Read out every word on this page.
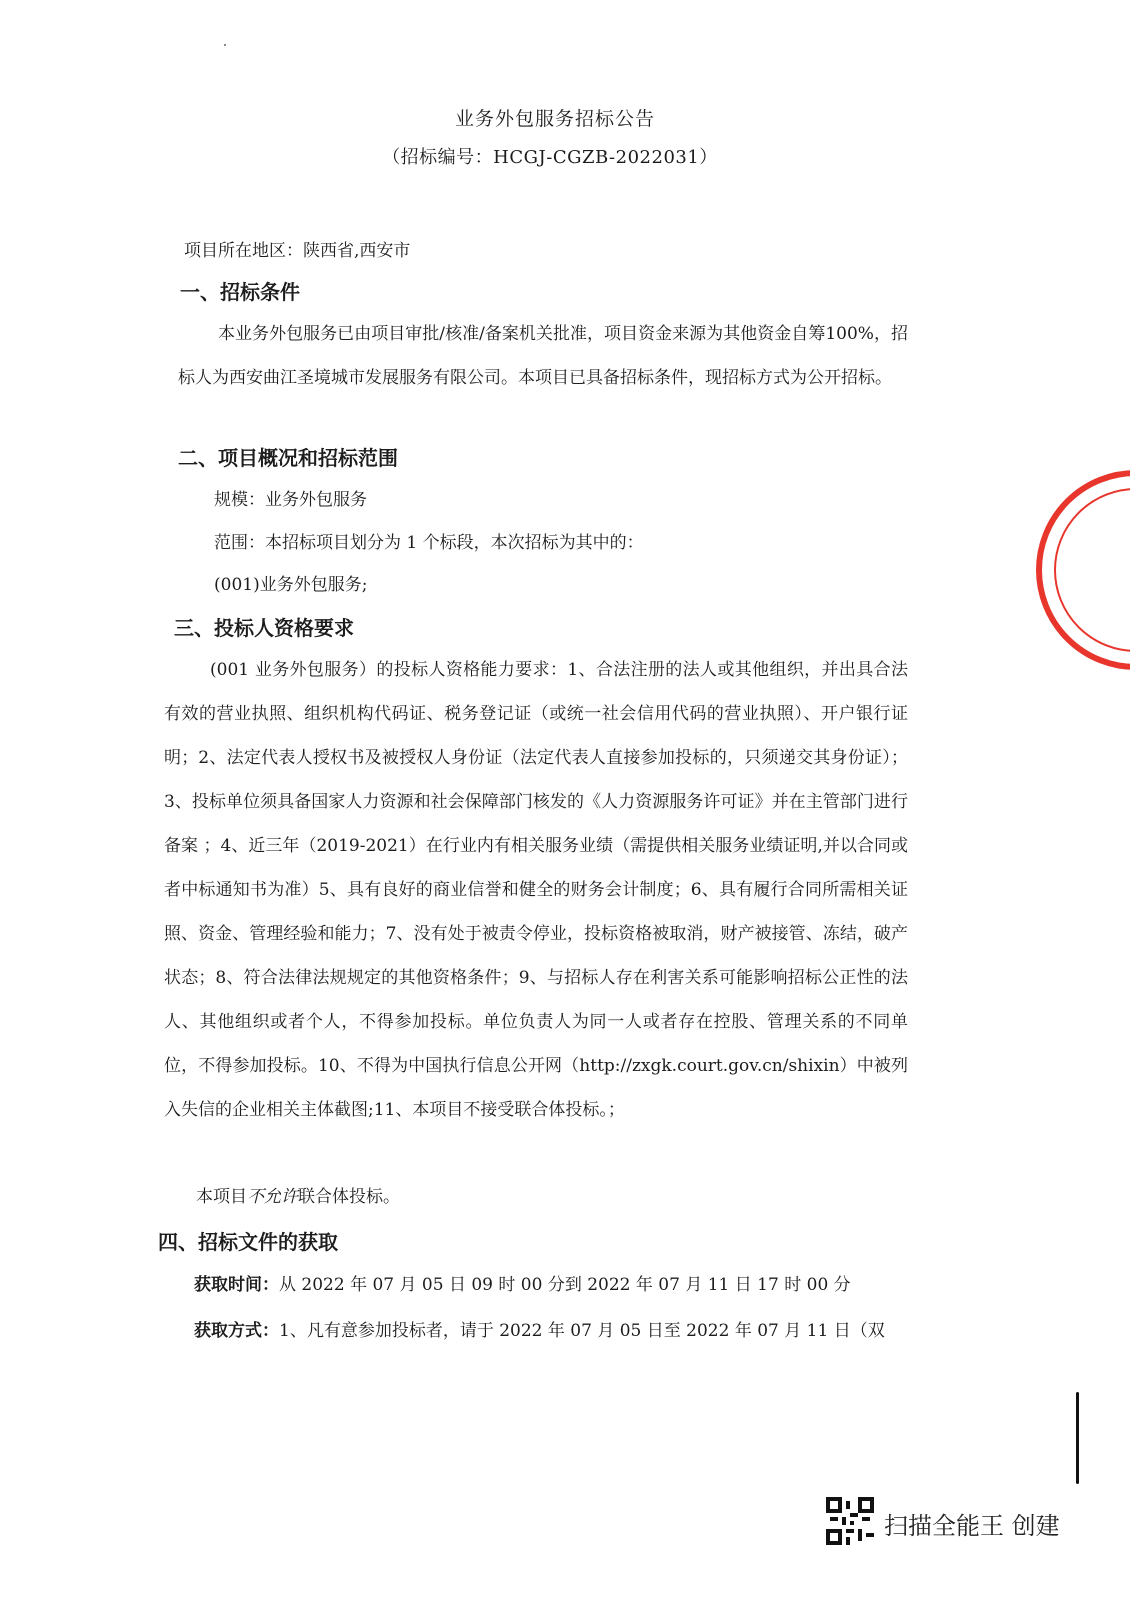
业务外包服务招标公告
（招标编号：HCGJ-CGZB-2022031）
项目所在地区：陕西省,西安市
一、招标条件
本业务外包服务已由项目审批/核准/备案机关批准，项目资金来源为其他资金自筹100%，招标人为西安曲江圣境城市发展服务有限公司。本项目已具备招标条件，现招标方式为公开招标。
二、项目概况和招标范围
规模：业务外包服务
范围：本招标项目划分为 1 个标段，本次招标为其中的：
(001)业务外包服务;
三、投标人资格要求
(001 业务外包服务）的投标人资格能力要求：1、合法注册的法人或其他组织，并出具合法有效的营业执照、组织机构代码证、税务登记证（或统一社会信用代码的营业执照）、开户银行证明；2、法定代表人授权书及被授权人身份证（法定代表人直接参加投标的，只须递交其身份证）；3、投标单位须具备国家人力资源和社会保障部门核发的《人力资源服务许可证》并在主管部门进行备案 ；4、近三年（2019-2021）在行业内有相关服务业绩（需提供相关服务业绩证明,并以合同或者中标通知书为准）5、具有良好的商业信誉和健全的财务会计制度；6、具有履行合同所需相关证照、资金、管理经验和能力；7、没有处于被责令停业，投标资格被取消，财产被接管、冻结，破产状态；8、符合法律法规规定的其他资格条件；9、与招标人存在利害关系可能影响招标公正性的法人、其他组织或者个人，不得参加投标。单位负责人为同一人或者存在控股、管理关系的不同单位，不得参加投标。10、不得为中国执行信息公开网（http://zxgk.court.gov.cn/shixin）中被列入失信的企业相关主体截图;11、本项目不接受联合体投标。；
本项目不允许联合体投标。
四、招标文件的获取
获取时间：从 2022 年 07 月 05 日 09 时 00 分到 2022 年 07 月 11 日 17 时 00 分
获取方式：1、凡有意参加投标者，请于 2022 年 07 月 05 日至 2022 年 07 月 11 日（双
扫描全能王 创建
